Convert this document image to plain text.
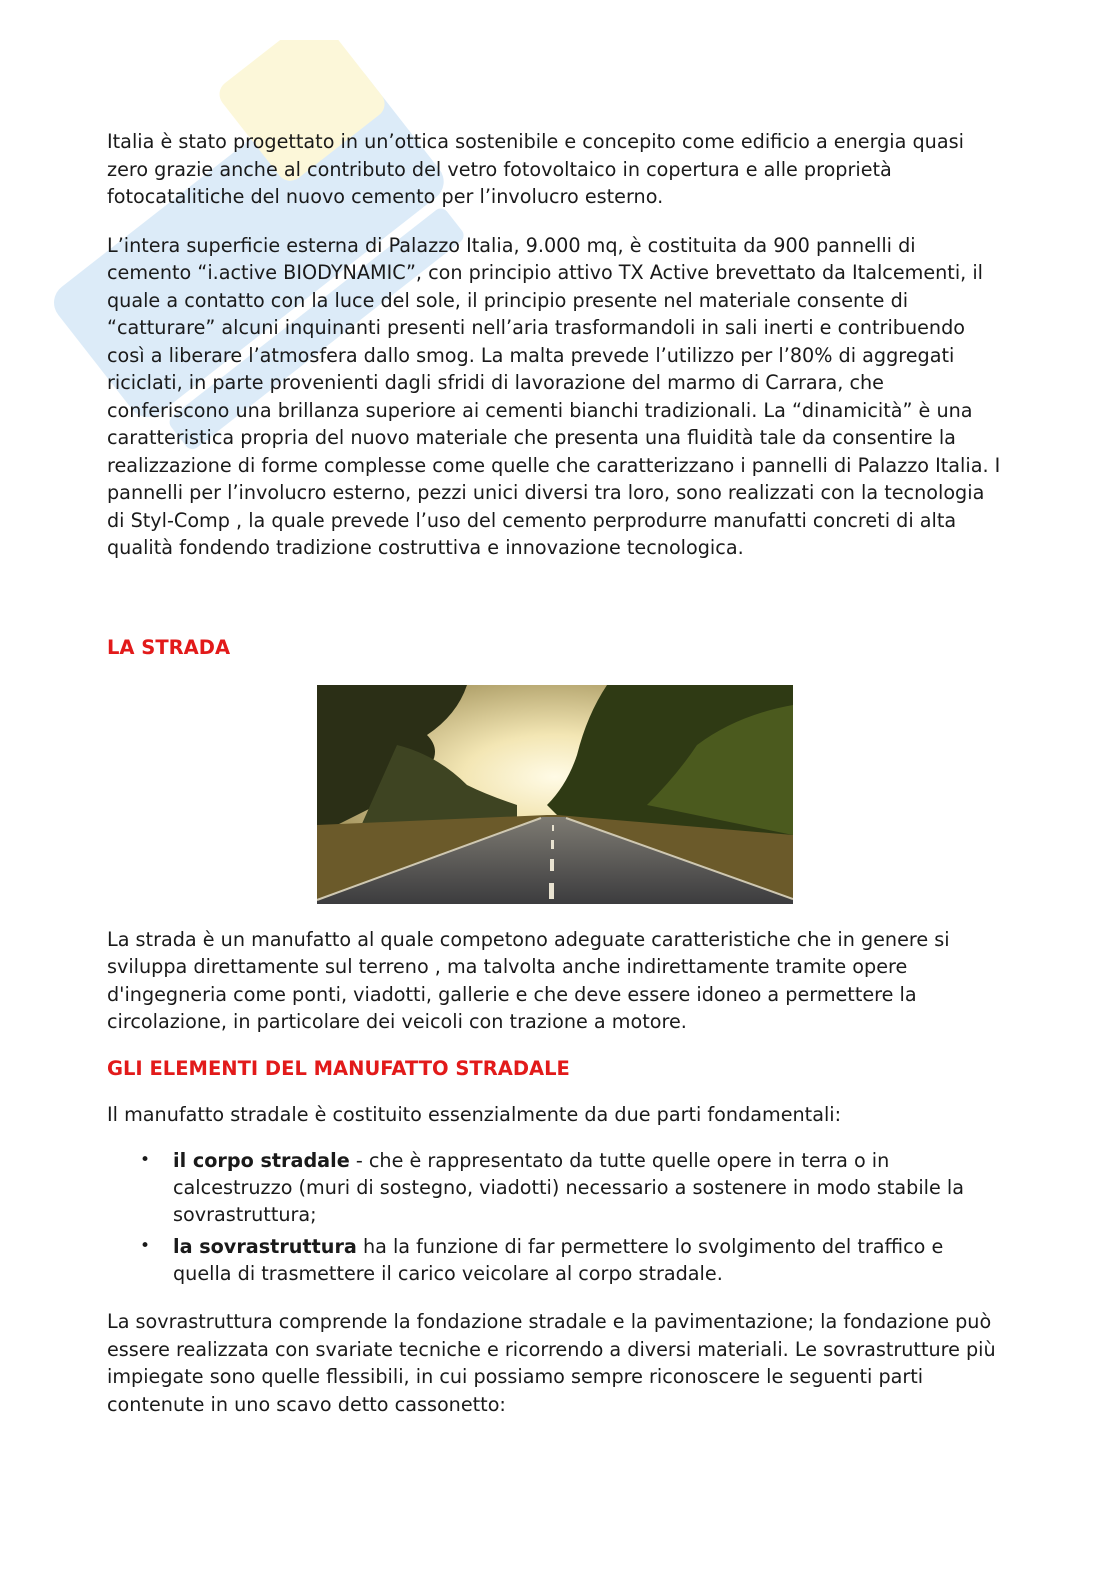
Italia è stato progettato in un’ottica sostenibile e concepito come edificio a energia quasi zero grazie anche al contributo del vetro fotovoltaico in copertura e alle proprietà fotocatalitiche del nuovo cemento per l’involucro esterno.

L’intera superficie esterna di Palazzo Italia, 9.000 mq, è costituita da 900 pannelli di cemento “i.active BIODYNAMIC”, con principio attivo TX Active brevettato da Italcementi, il quale a contatto con la luce del sole, il principio presente nel materiale consente di “catturare” alcuni inquinanti presenti nell’aria trasformandoli in sali inerti e contribuendo così a liberare l’atmosfera dallo smog. La malta prevede l’utilizzo per l’80% di aggregati riciclati, in parte provenienti dagli sfridi di lavorazione del marmo di Carrara, che conferiscono una brillanza superiore ai cementi bianchi tradizionali. La “dinamicità” è una caratteristica propria del nuovo materiale che presenta una fluidità tale da consentire la realizzazione di forme complesse come quelle che caratterizzano i pannelli di Palazzo Italia. I pannelli per l’involucro esterno, pezzi unici diversi tra loro, sono realizzati con la tecnologia di Styl-Comp , la quale prevede l’uso del cemento perprodurre manufatti concreti di alta qualità fondendo tradizione costruttiva e innovazione tecnologica.

LA STRADA

La strada è un manufatto al quale competono adeguate caratteristiche che in genere si sviluppa direttamente sul terreno , ma talvolta anche indirettamente tramite opere d'ingegneria come ponti, viadotti, gallerie e che deve essere idoneo a permettere la circolazione, in particolare dei veicoli con trazione a motore.

GLI ELEMENTI DEL MANUFATTO STRADALE

Il manufatto stradale è costituito essenzialmente da due parti fondamentali:

• il corpo stradale - che è rappresentato da tutte quelle opere in terra o in calcestruzzo (muri di sostegno, viadotti) necessario a sostenere in modo stabile la sovrastruttura;
• la sovrastruttura ha la funzione di far permettere lo svolgimento del traffico e quella di trasmettere il carico veicolare al corpo stradale.

La sovrastruttura comprende la fondazione stradale e la pavimentazione; la fondazione può essere realizzata con svariate tecniche e ricorrendo a diversi materiali. Le sovrastrutture più impiegate sono quelle flessibili, in cui possiamo sempre riconoscere le seguenti parti contenute in uno scavo detto cassonetto:
